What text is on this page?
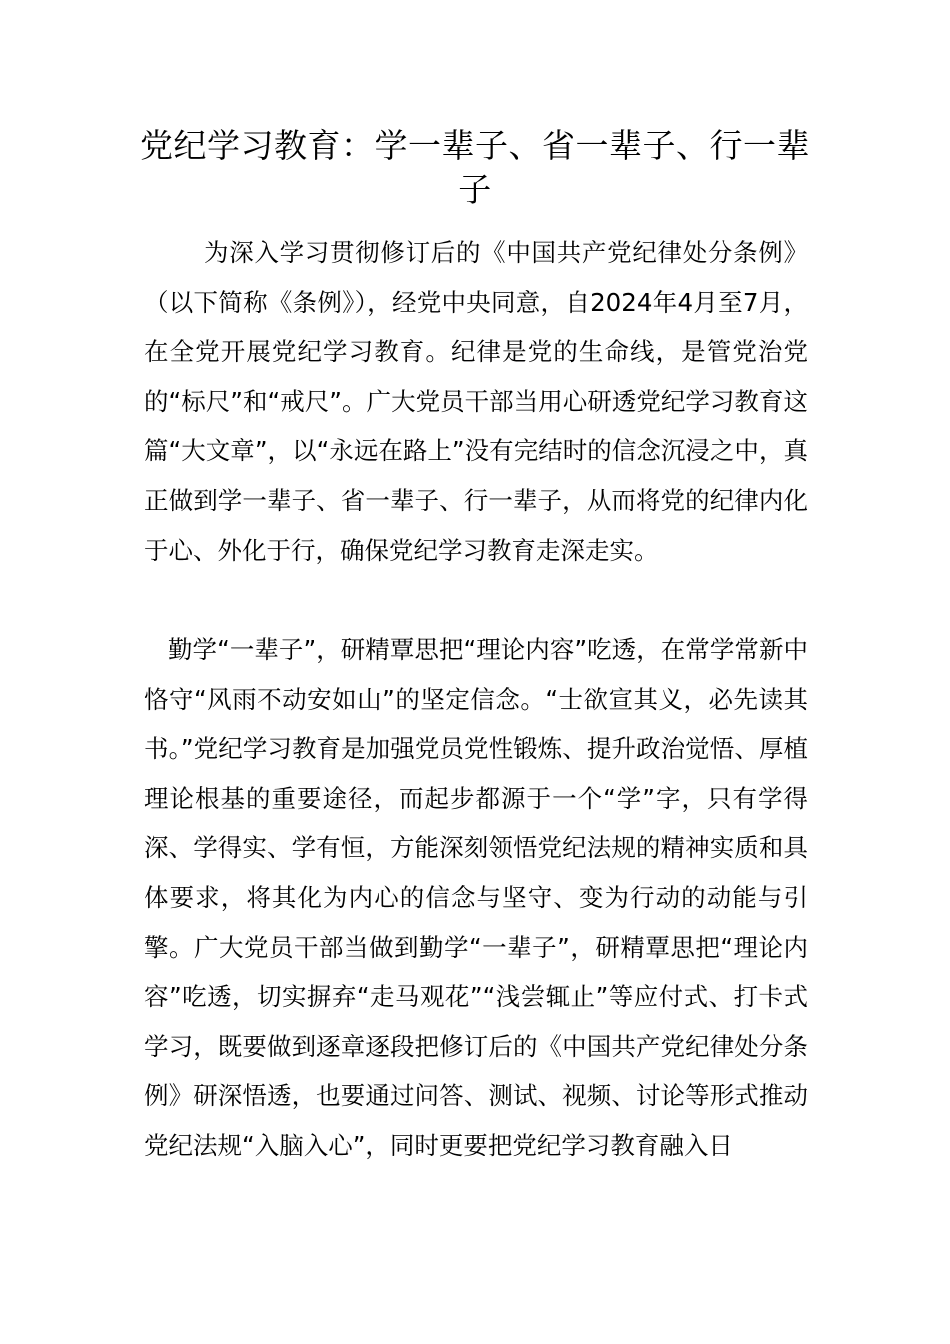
党纪学习教育：学一辈子、省一辈子、行一辈子

为深入学习贯彻修订后的《中国共产党纪律处分条例》（以下简称《条例》），经党中央同意，自2024年4月至7月，在全党开展党纪学习教育。纪律是党的生命线，是管党治党的“标尺”和“戒尺”。广大党员干部当用心研透党纪学习教育这篇“大文章”，以“永远在路上”没有完结时的信念沉浸之中，真正做到学一辈子、省一辈子、行一辈子，从而将党的纪律内化于心、外化于行，确保党纪学习教育走深走实。

勤学“一辈子”，研精覃思把“理论内容”吃透，在常学常新中恪守“风雨不动安如山”的坚定信念。“士欲宣其义，必先读其书。”党纪学习教育是加强党员党性锻炼、提升政治觉悟、厚植理论根基的重要途径，而起步都源于一个“学”字，只有学得深、学得实、学有恒，方能深刻领悟党纪法规的精神实质和具体要求，将其化为内心的信念与坚守、变为行动的动能与引擎。广大党员干部当做到勤学“一辈子”，研精覃思把“理论内容”吃透，切实摒弃“走马观花”“浅尝辄止”等应付式、打卡式学习，既要做到逐章逐段把修订后的《中国共产党纪律处分条例》研深悟透，也要通过问答、测试、视频、讨论等形式推动党纪法规“入脑入心”，同时更要把党纪学习教育融入日
